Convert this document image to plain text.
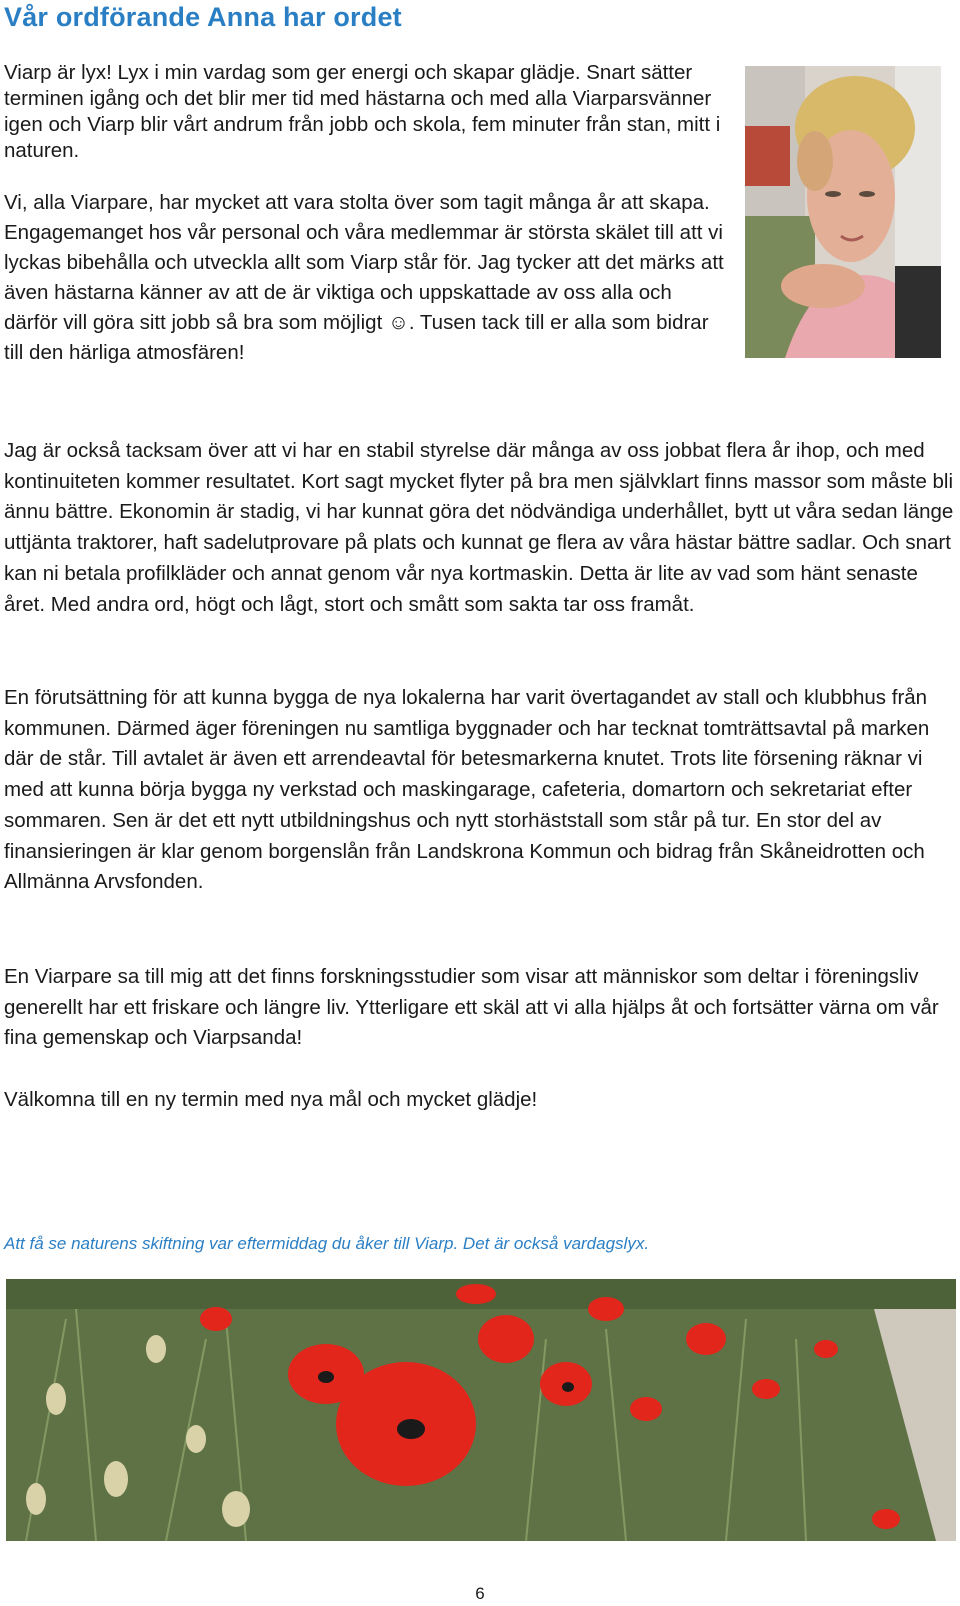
Vår ordförande Anna har ordet

Viarp är lyx! Lyx i min vardag som ger energi och skapar glädje. Snart sätter terminen igång och det blir mer tid med hästarna och med alla Viarparsvänner igen och Viarp blir vårt andrum från jobb och skola, fem minuter från stan, mitt i naturen.

Vi, alla Viarpare, har mycket att vara stolta över som tagit många år att skapa. Engagemanget hos vår personal och våra medlemmar är största skälet till att vi lyckas bibehålla och utveckla allt som Viarp står för. Jag tycker att det märks att även hästarna känner av att de är viktiga och uppskattade av oss alla och därför vill göra sitt jobb så bra som möjligt ☺. Tusen tack till er alla som bidrar till den härliga atmosfären!

Jag är också tacksam över att vi har en stabil styrelse där många av oss jobbat flera år ihop, och med kontinuiteten kommer resultatet. Kort sagt mycket flyter på bra men självklart finns massor som måste bli ännu bättre. Ekonomin är stadig, vi har kunnat göra det nödvändiga underhållet, bytt ut våra sedan länge uttjänta traktorer, haft sadelutprovare på plats och kunnat ge flera av våra hästar bättre sadlar. Och snart kan ni betala profilkläder och annat genom vår nya kortmaskin. Detta är lite av vad som hänt senaste året. Med andra ord, högt och lågt, stort och smått som sakta tar oss framåt.

En förutsättning för att kunna bygga de nya lokalerna har varit övertagandet av stall och klubbhus från kommunen. Därmed äger föreningen nu samtliga byggnader och har tecknat tomträttsavtal på marken där de står. Till avtalet är även ett arrendeavtal för betesmarkerna knutet. Trots lite försening räknar vi med att kunna börja bygga ny verkstad och maskingarage, cafeteria, domartorn och sekretariat efter sommaren. Sen är det ett nytt utbildningshus och nytt storhäststall som står på tur. En stor del av finansieringen är klar genom borgenslån från Landskrona Kommun och bidrag från Skåneidrotten och Allmänna Arvsfonden.

En Viarpare sa till mig att det finns forskningsstudier som visar att människor som deltar i föreningsliv generellt har ett friskare och längre liv. Ytterligare ett skäl att vi alla hjälps åt och fortsätter värna om vår fina gemenskap och Viarpsanda!

Välkomna till en ny termin med nya mål och mycket glädje!

Att få se naturens skiftning var eftermiddag du åker till Viarp. Det är också vardagslyx.

6
